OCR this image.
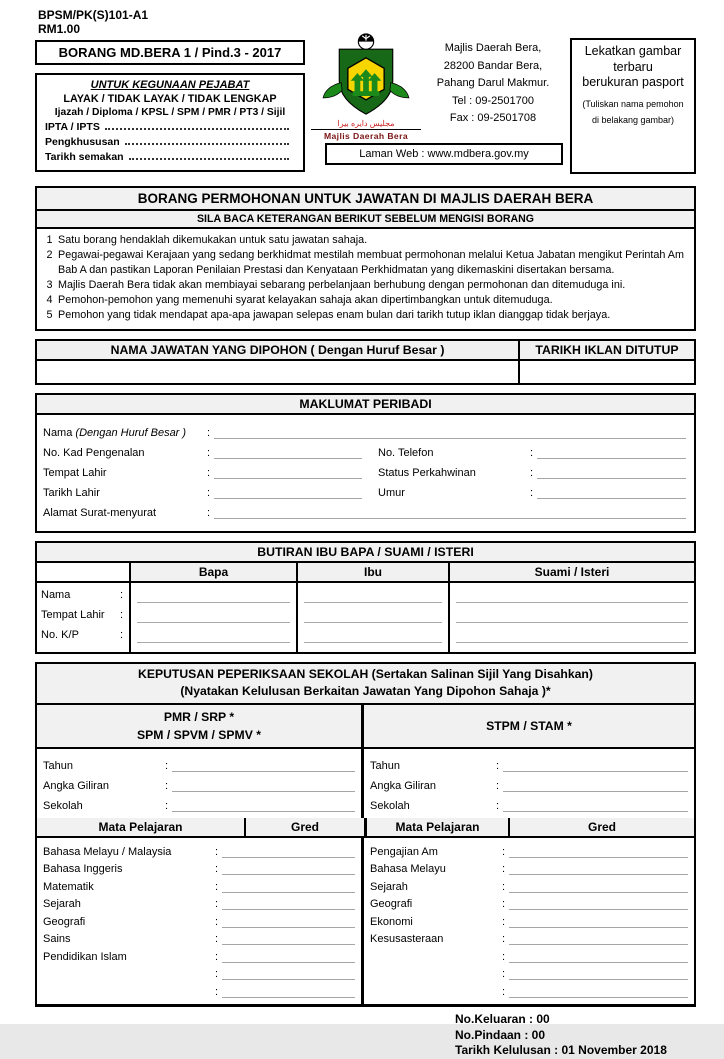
BPSM/PK(S)101-A1
RM1.00
BORANG MD.BERA 1 / Pind.3 - 2017
UNTUK KEGUNAAN PEJABAT
LAYAK / TIDAK LAYAK / TIDAK LENGKAP
Ijazah / Diploma / KPSL / SPM / PMR / PT3 / Sijil
IPTA / IPTS
Pengkhususan
Tarikh semakan
مجليس دايره بيرا
Majlis Daerah Bera
Majlis Daerah Bera,
28200 Bandar Bera,
Pahang Darul Makmur.
Tel : 09-2501700
Fax : 09-2501708
Laman Web : www.mdbera.gov.my
Lekatkan gambar
terbaru
berukuran pasport
(Tuliskan nama pemohon
di belakang gambar)
BORANG PERMOHONAN UNTUK JAWATAN DI MAJLIS DAERAH BERA
SILA BACA KETERANGAN BERIKUT SEBELUM MENGISI BORANG
1 Satu borang hendaklah dikemukakan untuk satu jawatan sahaja.
2 Pegawai-pegawai Kerajaan yang sedang berkhidmat mestilah membuat permohonan melalui Ketua Jabatan mengikut Perintah Am Bab A dan pastikan Laporan Penilaian Prestasi dan Kenyataan Perkhidmatan yang dikemaskini disertakan bersama.
3 Majlis Daerah Bera tidak akan membiayai sebarang perbelanjaan berhubung dengan permohonan dan ditemuduga ini.
4 Pemohon-pemohon yang memenuhi syarat kelayakan sahaja akan dipertimbangkan untuk ditemuduga.
5 Pemohon yang tidak mendapat apa-apa jawapan selepas enam bulan dari tarikh tutup iklan dianggap tidak berjaya.
NAMA JAWATAN YANG DIPOHON ( Dengan Huruf Besar )	TARIKH IKLAN DITUTUP
MAKLUMAT PERIBADI
Nama (Dengan Huruf Besar )	:
No. Kad Pengenalan	:	No. Telefon	:
Tempat Lahir	:	Status Perkahwinan	:
Tarikh Lahir	:	Umur	:
Alamat Surat-menyurat	:
BUTIRAN IBU BAPA / SUAMI / ISTERI
Bapa	Ibu	Suami / Isteri
Nama	:
Tempat Lahir	:
No. K/P	:
KEPUTUSAN PEPERIKSAAN SEKOLAH (Sertakan Salinan Sijil Yang Disahkan)
(Nyatakan Kelulusan Berkaitan Jawatan Yang Dipohon Sahaja )*
PMR / SRP *
SPM / SPVM / SPMV *
STPM / STAM *
Tahun	:
Angka Giliran	:
Sekolah	:
Tahun	:
Angka Giliran	:
Sekolah	:
Mata Pelajaran	Gred	Mata Pelajaran	Gred
Bahasa Melayu / Malaysia	:
Bahasa Inggeris	:
Matematik	:
Sejarah	:
Geografi	:
Sains	:
Pendidikan Islam	:
:
:
Pengajian Am	:
Bahasa Melayu	:
Sejarah	:
Geografi	:
Ekonomi	:
Kesusasteraan	:
:
:
:
No.Keluaran : 00
No.Pindaan : 00
Tarikh Kelulusan : 01 November 2018
